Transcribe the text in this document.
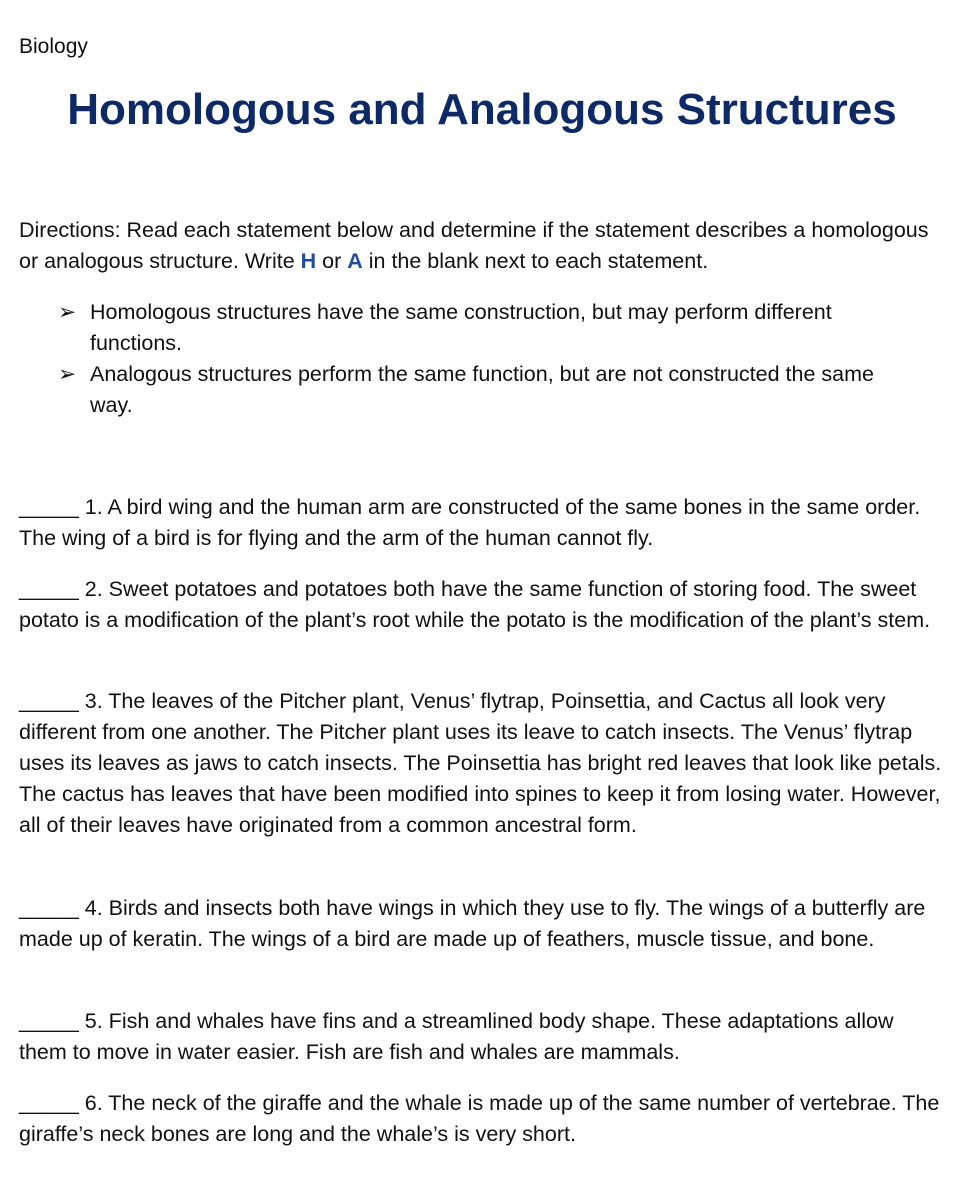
Biology
Homologous and Analogous Structures

Directions: Read each statement below and determine if the statement describes a homologous or analogous structure. Write H or A in the blank next to each statement.

➢ Homologous structures have the same construction, but may perform different functions.
➢ Analogous structures perform the same function, but are not constructed the same way.

_____ 1. A bird wing and the human arm are constructed of the same bones in the same order. The wing of a bird is for flying and the arm of the human cannot fly.

_____ 2. Sweet potatoes and potatoes both have the same function of storing food. The sweet potato is a modification of the plant’s root while the potato is the modification of the plant’s stem.

_____ 3. The leaves of the Pitcher plant, Venus’ flytrap, Poinsettia, and Cactus all look very different from one another. The Pitcher plant uses its leave to catch insects. The Venus’ flytrap uses its leaves as jaws to catch insects. The Poinsettia has bright red leaves that look like petals. The cactus has leaves that have been modified into spines to keep it from losing water. However, all of their leaves have originated from a common ancestral form.

_____ 4. Birds and insects both have wings in which they use to fly. The wings of a butterfly are made up of keratin. The wings of a bird are made up of feathers, muscle tissue, and bone.

_____ 5. Fish and whales have fins and a streamlined body shape. These adaptations allow them to move in water easier. Fish are fish and whales are mammals.

_____ 6. The neck of the giraffe and the whale is made up of the same number of vertebrae. The giraffe’s neck bones are long and the whale’s is very short.
